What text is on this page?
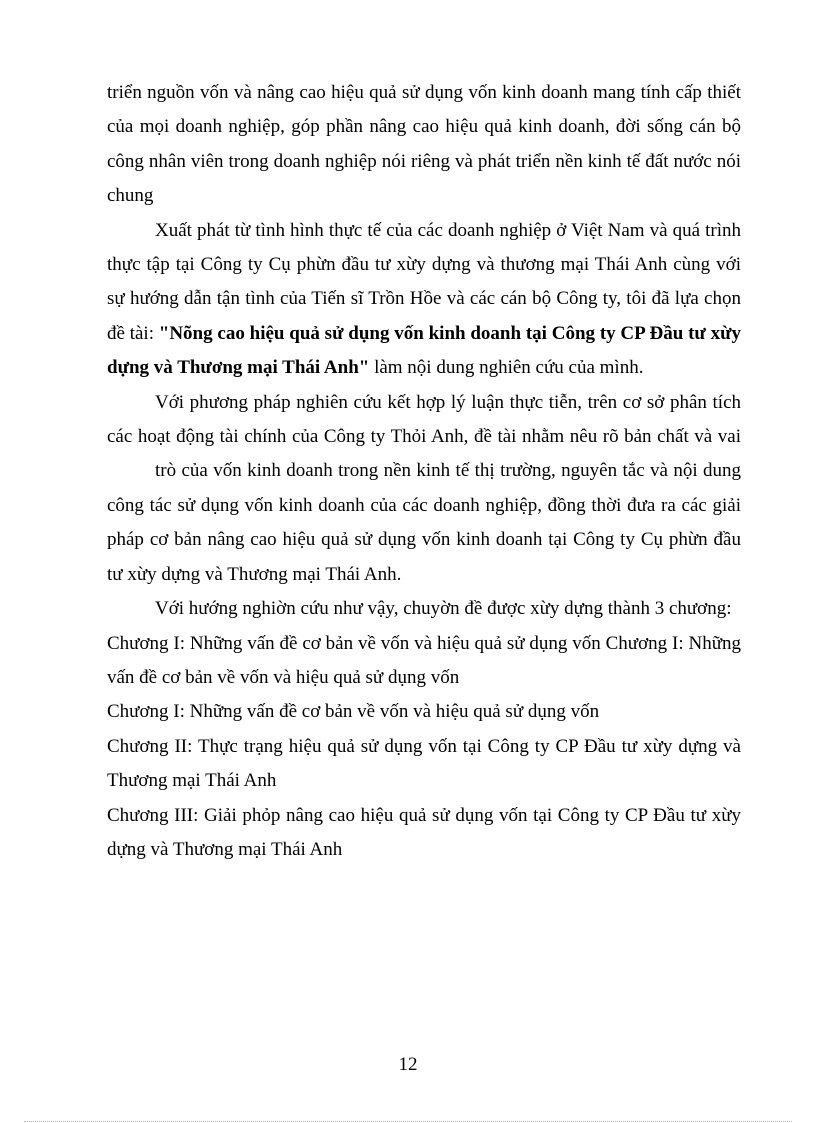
triển nguồn vốn và nâng cao hiệu quả sử dụng vốn kinh doanh mang tính cấp thiết của mọi doanh nghiệp, góp phần nâng cao hiệu quả kinh doanh, đời sống cán bộ công nhân viên trong doanh nghiệp nói riêng và phát triển nền kinh tế đất nước nói chung

Xuất phát từ tình hình thực tế của các doanh nghiệp ở Việt Nam và quá trình thực tập tại Công ty Cụ phừn đầu tư xừy dựng và thương mại Thái Anh cùng với sự hướng dẫn tận tình của Tiến sĩ Trồn Hồe và các cán bộ Công ty, tôi đã lựa chọn đề tài: "Nõng cao hiệu quả sử dụng vốn kinh doanh tại Công ty CP Đầu tư xừy dựng và Thương mại Thái Anh" làm nội dung nghiên cứu của mình.

Với phương pháp nghiên cứu kết hợp lý luận thực tiễn, trên cơ sở phân tích

các hoạt động tài chính của Công ty Thỏi Anh, đề tài nhằm nêu rõ bản chất và vai

trò của vốn kinh doanh trong nền kinh tế thị trường, nguyên tắc và nội dung công tác sử dụng vốn kinh doanh của các doanh nghiệp, đồng thời đưa ra các giải pháp cơ bản nâng cao hiệu quả sử dụng vốn kinh doanh tại Công ty Cụ phừn đầu tư xừy dựng và Thương mại Thái Anh.

Với hướng nghiờn cứu như vậy, chuyờn đề được xừy dựng thành 3 chương:

Chương I: Những vấn đề cơ bản về vốn và hiệu quả sử dụng vốn Chương I: Những vấn đề cơ bản về vốn và hiệu quả sử dụng vốn

Chương I: Những vấn đề cơ bản về vốn và hiệu quả sử dụng vốn

Chương II: Thực trạng hiệu quả sử dụng vốn tại Công ty CP Đầu tư xừy dựng và Thương mại Thái Anh

Chương III: Giải phỏp nâng cao hiệu quả sử dụng vốn tại Công ty CP Đầu tư xừy dựng và Thương mại Thái Anh

12
